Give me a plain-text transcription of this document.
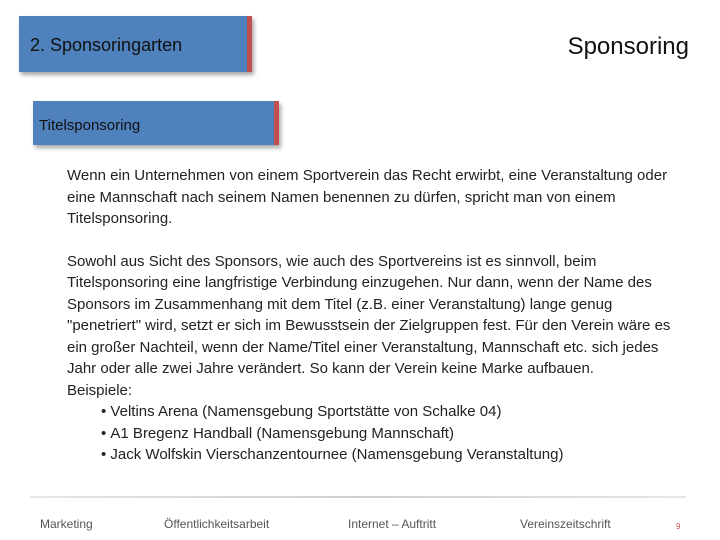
2. Sponsoringarten	Sponsoring
Titelsponsoring

Wenn ein Unternehmen von einem Sportverein das Recht erwirbt, eine Veranstaltung oder eine Mannschaft nach seinem Namen benennen zu dürfen, spricht man von einem Titelsponsoring.

Sowohl aus Sicht des Sponsors, wie auch des Sportvereins ist es sinnvoll, beim Titelsponsoring eine langfristige Verbindung einzugehen. Nur dann, wenn der Name des Sponsors im Zusammenhang mit dem Titel (z.B. einer Veranstaltung) lange genug "penetriert" wird, setzt er sich im Bewusstsein der Zielgruppen fest. Für den Verein wäre es ein großer Nachteil, wenn der Name/Titel einer Veranstaltung, Mannschaft etc. sich jedes Jahr oder alle zwei Jahre verändert. So kann der Verein keine Marke aufbauen.

Beispiele:

• Veltins Arena (Namensgebung Sportstätte von Schalke 04)
• A1 Bregenz Handball (Namensgebung Mannschaft)
• Jack Wolfskin Vierschanzentournee (Namensgebung Veranstaltung)
Marketing	Öffentlichkeitsarbeit	Internet – Auftritt	Vereinszeitschrift	9
